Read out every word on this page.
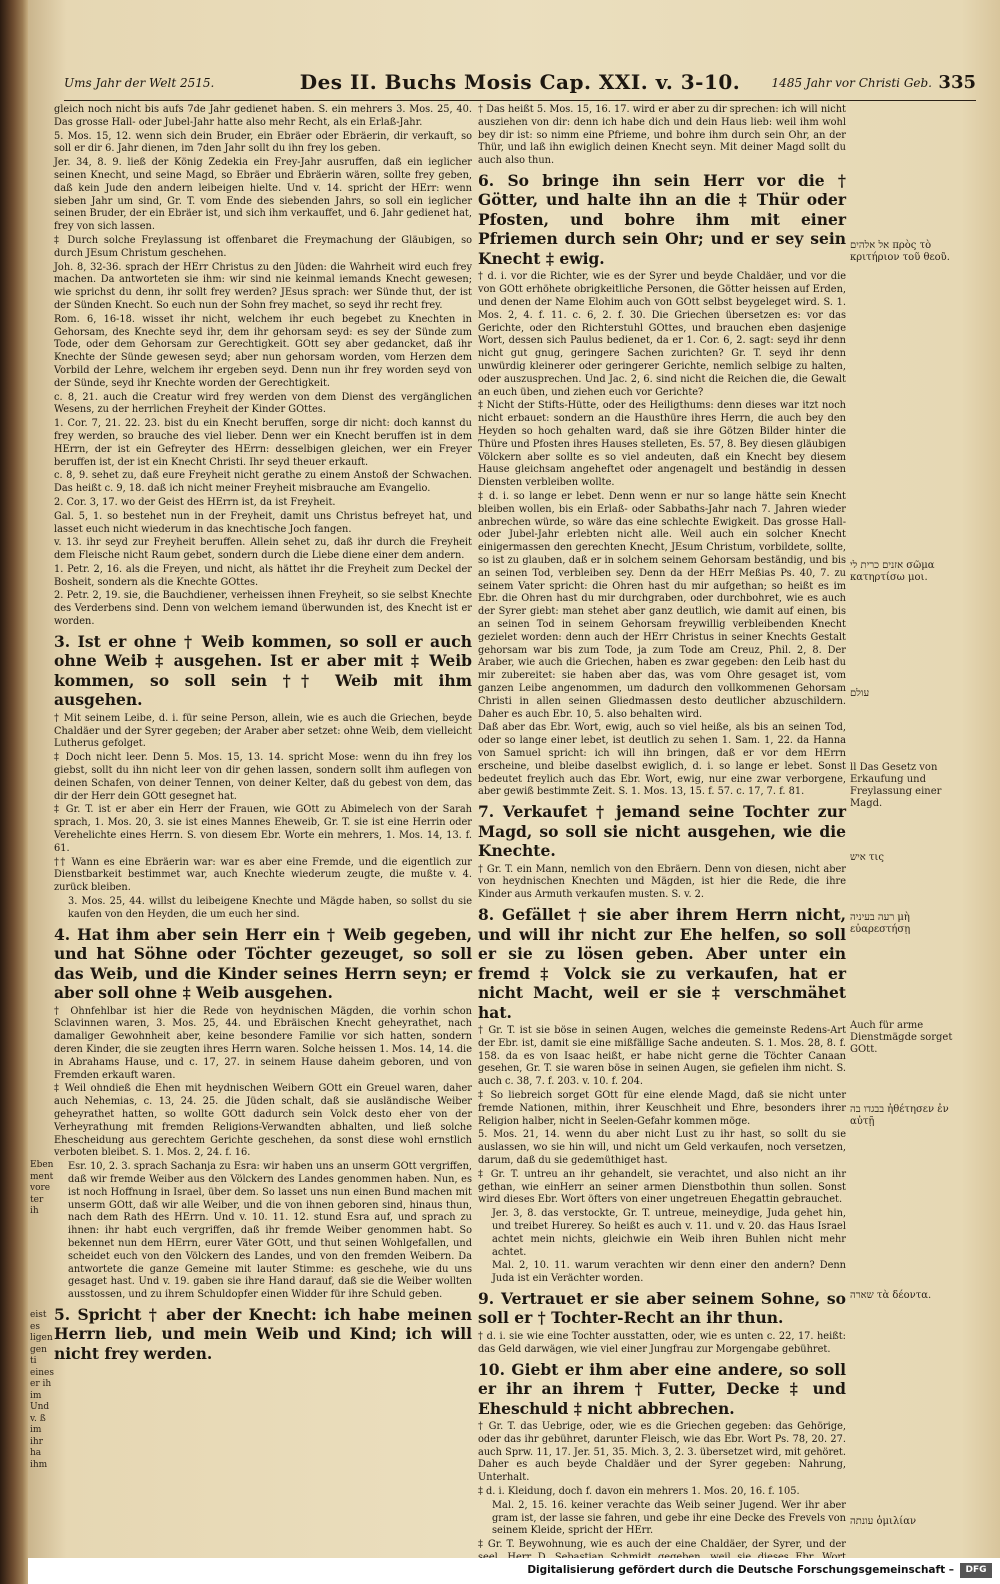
Ums Jahr der Welt 2515.	Des II. Buchs Mosis Cap. XXI. v. 3-10.	1485 Jahr vor Christi Geb. 335
Eben ment vore ter ih
eist es ligen gen ti eines er ih im Und v. ß im ihr ha ihm

gleich noch nicht bis aufs 7de Jahr gedienet haben. S. ein mehrers 3. Mos. 25, 40. Das grosse Hall- oder Jubel-Jahr hatte also mehr Recht, als ein Erlaß-Jahr.

5. Mos. 15, 12. wenn sich dein Bruder, ein Ebräer oder Ebräerin, dir verkauft, so soll er dir 6. Jahr dienen, im 7den Jahr sollt du ihn frey los geben.

Jer. 34, 8. 9. ließ der König Zedekia ein Frey-Jahr ausruffen, daß ein ieglicher seinen Knecht, und seine Magd, so Ebräer und Ebräerin wären, sollte frey geben, daß kein Jude den andern leibeigen hielte. Und v. 14. spricht der HErr: wenn sieben Jahr um sind, Gr. T. vom Ende des siebenden Jahrs, so soll ein ieglicher seinen Bruder, der ein Ebräer ist, und sich ihm verkauffet, und 6. Jahr gedienet hat, frey von sich lassen.

‡ Durch solche Freylassung ist offenbaret die Freymachung der Gläubigen, so durch JEsum Christum geschehen.

Joh. 8, 32-36. sprach der HErr Christus zu den Jüden: die Wahrheit wird euch frey machen. Da antworteten sie ihm: wir sind nie keinmal iemands Knecht gewesen; wie sprichst du denn, ihr sollt frey werden? JEsus sprach: wer Sünde thut, der ist der Sünden Knecht. So euch nun der Sohn frey machet, so seyd ihr recht frey.

Rom. 6, 16-18. wisset ihr nicht, welchem ihr euch begebet zu Knechten in Gehorsam, des Knechte seyd ihr, dem ihr gehorsam seyd: es sey der Sünde zum Tode, oder dem Gehorsam zur Gerechtigkeit. GOtt sey aber gedancket, daß ihr Knechte der Sünde gewesen seyd; aber nun gehorsam worden, vom Herzen dem Vorbild der Lehre, welchem ihr ergeben seyd. Denn nun ihr frey worden seyd von der Sünde, seyd ihr Knechte worden der Gerechtigkeit.

c. 8, 21. auch die Creatur wird frey werden von dem Dienst des vergänglichen Wesens, zu der herrlichen Freyheit der Kinder GOttes.

1. Cor. 7, 21. 22. 23. bist du ein Knecht beruffen, sorge dir nicht: doch kannst du frey werden, so brauche des viel lieber. Denn wer ein Knecht beruffen ist in dem HErrn, der ist ein Gefreyter des HErrn: desselbigen gleichen, wer ein Freyer beruffen ist, der ist ein Knecht Christi. Ihr seyd theuer erkauft.

c. 8, 9. sehet zu, daß eure Freyheit nicht gerathe zu einem Anstoß der Schwachen. Das heißt c. 9, 18. daß ich nicht meiner Freyheit misbrauche am Evangelio.

2. Cor. 3, 17. wo der Geist des HErrn ist, da ist Freyheit.

Gal. 5, 1. so bestehet nun in der Freyheit, damit uns Christus befreyet hat, und lasset euch nicht wiederum in das knechtische Joch fangen.

v. 13. ihr seyd zur Freyheit beruffen. Allein sehet zu, daß ihr durch die Freyheit dem Fleische nicht Raum gebet, sondern durch die Liebe diene einer dem andern.

1. Petr. 2, 16. als die Freyen, und nicht, als hättet ihr die Freyheit zum Deckel der Bosheit, sondern als die Knechte GOttes.

2. Petr. 2, 19. sie, die Bauchdiener, verheissen ihnen Freyheit, so sie selbst Knechte des Verderbens sind. Denn von welchem iemand überwunden ist, des Knecht ist er worden.

3. Ist er ohne † Weib kommen, so soll er auch ohne Weib ‡ ausgehen. Ist er aber mit ‡ Weib kommen, so soll sein †† Weib mit ihm ausgehen.

† Mit seinem Leibe, d. i. für seine Person, allein, wie es auch die Griechen, beyde Chaldäer und der Syrer gegeben; der Araber aber setzet: ohne Weib, dem vielleicht Lutherus gefolget.

‡ Doch nicht leer. Denn 5. Mos. 15, 13. 14. spricht Mose: wenn du ihn frey los giebst, sollt du ihn nicht leer von dir gehen lassen, sondern sollt ihm auflegen von deinen Schafen, von deiner Tennen, von deiner Kelter, daß du gebest von dem, das dir der Herr dein GOtt gesegnet hat.

‡ Gr. T. ist er aber ein Herr der Frauen, wie GOtt zu Abimelech von der Sarah sprach, 1. Mos. 20, 3. sie ist eines Mannes Eheweib, Gr. T. sie ist eine Herrin oder Verehelichte eines Herrn. S. von diesem Ebr. Worte ein mehrers, 1. Mos. 14, 13. f. 61.

†† Wann es eine Ebräerin war: war es aber eine Fremde, und die eigentlich zur Dienstbarkeit bestimmet war, auch Knechte wiederum zeugte, die mußte v. 4. zurück bleiben.

3. Mos. 25, 44. willst du leibeigene Knechte und Mägde haben, so sollst du sie kaufen von den Heyden, die um euch her sind.

4. Hat ihm aber sein Herr ein † Weib gegeben, und hat Söhne oder Töchter gezeuget, so soll das Weib, und die Kinder seines Herrn seyn; er aber soll ohne ‡ Weib ausgehen.

† Ohnfehlbar ist hier die Rede von heydnischen Mägden, die vorhin schon Sclavinnen waren, 3. Mos. 25, 44. und Ebräischen Knecht geheyrathet, nach damaliger Gewohnheit aber, keine besondere Familie vor sich hatten, sondern deren Kinder, die sie zeugten ihres Herrn waren. Solche heissen 1. Mos. 14, 14. die in Abrahams Hause, und c. 17, 27. in seinem Hause daheim geboren, und von Fremden erkauft waren.

‡ Weil ohndieß die Ehen mit heydnischen Weibern GOtt ein Greuel waren, daher auch Nehemias, c. 13, 24. 25. die Jüden schalt, daß sie ausländische Weiber geheyrathet hatten, so wollte GOtt dadurch sein Volck desto eher von der Verheyrathung mit fremden Religions-Verwandten abhalten, und ließ solche Ehescheidung aus gerechtem Gerichte geschehen, da sonst diese wohl ernstlich verboten bleibet. S. 1. Mos. 2, 24. f. 16.

Esr. 10, 2. 3. sprach Sachanja zu Esra: wir haben uns an unserm GOtt vergriffen, daß wir fremde Weiber aus den Völckern des Landes genommen haben. Nun, es ist noch Hoffnung in Israel, über dem. So lasset uns nun einen Bund machen mit unserm GOtt, daß wir alle Weiber, und die von ihnen geboren sind, hinaus thun, nach dem Rath des HErrn. Und v. 10. 11. 12. stund Esra auf, und sprach zu ihnen: ihr habt euch vergriffen, daß ihr fremde Weiber genommen habt. So bekennet nun dem HErrn, eurer Väter GOtt, und thut seinen Wohlgefallen, und scheidet euch von den Völckern des Landes, und von den fremden Weibern. Da antwortete die ganze Gemeine mit lauter Stimme: es geschehe, wie du uns gesaget hast. Und v. 19. gaben sie ihre Hand darauf, daß sie die Weiber wollten ausstossen, und zu ihrem Schuldopfer einen Widder für ihre Schuld geben.

5. Spricht † aber der Knecht: ich habe meinen Herrn lieb, und mein Weib und Kind; ich will nicht frey werden.

† Das heißt 5. Mos. 15, 16. 17. wird er aber zu dir sprechen: ich will nicht ausziehen von dir: denn ich habe dich und dein Haus lieb: weil ihm wohl bey dir ist: so nimm eine Pfrieme, und bohre ihm durch sein Ohr, an der Thür, und laß ihn ewiglich deinen Knecht seyn. Mit deiner Magd sollt du auch also thun.

6. So bringe ihn sein Herr vor die † Götter, und halte ihn an die ‡ Thür oder Pfosten, und bohre ihm mit einer Pfriemen durch sein Ohr; und er sey sein Knecht ‡ ewig.

† d. i. vor die Richter, wie es der Syrer und beyde Chaldäer, und vor die von GOtt erhöhete obrigkeitliche Personen, die Götter heissen auf Erden, und denen der Name Elohim auch von GOtt selbst beygeleget wird. S. 1. Mos. 2, 4. f. 11. c. 6, 2. f. 30. Die Griechen übersetzen es: vor das Gerichte, oder den Richterstuhl GOttes, und brauchen eben dasjenige Wort, dessen sich Paulus bedienet, da er 1. Cor. 6, 2. sagt: seyd ihr denn nicht gut gnug, geringere Sachen zurichten? Gr. T. seyd ihr denn unwürdig kleinerer oder geringerer Gerichte, nemlich selbige zu halten, oder auszusprechen. Und Jac. 2, 6. sind nicht die Reichen die, die Gewalt an euch üben, und ziehen euch vor Gerichte?

‡ Nicht der Stifts-Hütte, oder des Heiligthums: denn dieses war itzt noch nicht erbauet: sondern an die Hausthüre ihres Herrn, die auch bey den Heyden so hoch gehalten ward, daß sie ihre Götzen Bilder hinter die Thüre und Pfosten ihres Hauses stelleten, Es. 57, 8. Bey diesen gläubigen Völckern aber sollte es so viel andeuten, daß ein Knecht bey diesem Hause gleichsam angeheftet oder angenagelt und beständig in dessen Diensten verbleiben wollte.

‡ d. i. so lange er lebet. Denn wenn er nur so lange hätte sein Knecht bleiben wollen, bis ein Erlaß- oder Sabbaths-Jahr nach 7. Jahren wieder anbrechen würde, so wäre das eine schlechte Ewigkeit. Das grosse Hall- oder Jubel-Jahr erlebten nicht alle. Weil auch ein solcher Knecht einigermassen den gerechten Knecht, JEsum Christum, vorbildete, sollte, so ist zu glauben, daß er in solchem seinem Gehorsam beständig, und bis an seinen Tod, verbleiben sey. Denn da der HErr Meßias Ps. 40, 7. zu seinem Vater spricht: die Ohren hast du mir aufgethan; so heißt es im Ebr. die Ohren hast du mir durchgraben, oder durchbohret, wie es auch der Syrer giebt: man stehet aber ganz deutlich, wie damit auf einen, bis an seinen Tod in seinem Gehorsam freywillig verbleibenden Knecht gezielet worden: denn auch der HErr Christus in seiner Knechts Gestalt gehorsam war bis zum Tode, ja zum Tode am Creuz, Phil. 2, 8. Der Araber, wie auch die Griechen, haben es zwar gegeben: den Leib hast du mir zubereitet: sie haben aber das, was vom Ohre gesaget ist, vom ganzen Leibe angenommen, um dadurch den vollkommenen Gehorsam Christi in allen seinen Gliedmassen desto deutlicher abzuschildern. Daher es auch Ebr. 10, 5. also behalten wird.

Daß aber das Ebr. Wort, ewig, auch so viel heiße, als bis an seinen Tod, oder so lange einer lebet, ist deutlich zu sehen 1. Sam. 1, 22. da Hanna von Samuel spricht: ich will ihn bringen, daß er vor dem HErrn erscheine, und bleibe daselbst ewiglich, d. i. so lange er lebet. Sonst bedeutet freylich auch das Ebr. Wort, ewig, nur eine zwar verborgene, aber gewiß bestimmte Zeit. S. 1. Mos. 13, 15. f. 57. c. 17, 7. f. 81.

7. Verkaufet † jemand seine Tochter zur Magd, so soll sie nicht ausgehen, wie die Knechte.

† Gr. T. ein Mann, nemlich von den Ebräern. Denn von diesen, nicht aber von heydnischen Knechten und Mägden, ist hier die Rede, die ihre Kinder aus Armuth verkaufen musten. S. v. 2.

8. Gefället † sie aber ihrem Herrn nicht, und will ihr nicht zur Ehe helfen, so soll er sie zu lösen geben. Aber unter ein fremd ‡ Volck sie zu verkaufen, hat er nicht Macht, weil er sie ‡ verschmähet hat.

† Gr. T. ist sie böse in seinen Augen, welches die gemeinste Redens-Art der Ebr. ist, damit sie eine mißfällige Sache andeuten. S. 1. Mos. 28, 8. f. 158. da es von Isaac heißt, er habe nicht gerne die Töchter Canaan gesehen, Gr. T. sie waren böse in seinen Augen, sie gefielen ihm nicht. S. auch c. 38, 7. f. 203. v. 10. f. 204.

‡ So liebreich sorget GOtt für eine elende Magd, daß sie nicht unter fremde Nationen, mithin, ihrer Keuschheit und Ehre, besonders ihrer Religion halber, nicht in Seelen-Gefahr kommen möge.

5. Mos. 21, 14. wenn du aber nicht Lust zu ihr hast, so sollt du sie auslassen, wo sie hin will, und nicht um Geld verkaufen, noch versetzen, darum, daß du sie gedemüthiget hast.

‡ Gr. T. untreu an ihr gehandelt, sie verachtet, und also nicht an ihr gethan, wie einHerr an seiner armen Dienstbothin thun sollen. Sonst wird dieses Ebr. Wort öfters von einer ungetreuen Ehegattin gebrauchet.

Jer. 3, 8. das verstockte, Gr. T. untreue, meineydige, Juda gehet hin, und treibet Hurerey. So heißt es auch v. 11. und v. 20. das Haus Israel achtet mein nichts, gleichwie ein Weib ihren Buhlen nicht mehr achtet.

Mal. 2, 10. 11. warum verachten wir denn einer den andern? Denn Juda ist ein Verächter worden.

9. Vertrauet er sie aber seinem Sohne, so soll er † Tochter-Recht an ihr thun.

† d. i. sie wie eine Tochter ausstatten, oder, wie es unten c. 22, 17. heißt: das Geld darwägen, wie viel einer Jungfrau zur Morgengabe gebühret.

10. Giebt er ihm aber eine andere, so soll er ihr an ihrem † Futter, Decke ‡ und Eheschuld ‡ nicht abbrechen.

† Gr. T. das Uebrige, oder, wie es die Griechen gegeben: das Gehörige, oder das ihr gebühret, darunter Fleisch, wie das Ebr. Wort Ps. 78, 20. 27. auch Sprw. 11, 17. Jer. 51, 35. Mich. 3, 2. 3. übersetzet wird, mit gehöret. Daher es auch beyde Chaldäer und der Syrer gegeben: Nahrung, Unterhalt.

‡ d. i. Kleidung, doch f. davon ein mehrers 1. Mos. 20, 16. f. 105.

Mal. 2, 15. 16. keiner verachte das Weib seiner Jugend. Wer ihr aber gram ist, der lasse sie fahren, und gebe ihr eine Decke des Frevels von seinem Kleide, spricht der HErr.

‡ Gr. T. Beywohnung, wie es auch der eine Chaldäer, der Syrer, und der

אל אלהים πρὸς τὸ κριτήριον τοῦ θεοῦ.
אזנים כרית לי σῶμα κατηρτίσω μοι.
עולם
ll Das Gesetz von Erkaufung und Freylassung einer Magd.
איש τις
רעה בעיניה μὴ εὐαρεστήσῃ
Auch für arme Dienstmägde sorget GOtt.
בבגדו בה ἠθέτησεν ἐν αὐτῇ
שארה τὰ δέοντα.
עונתה ὁμιλίαν
Digitalisierung gefördert durch die Deutsche Forschungsgemeinschaft –	DFG
